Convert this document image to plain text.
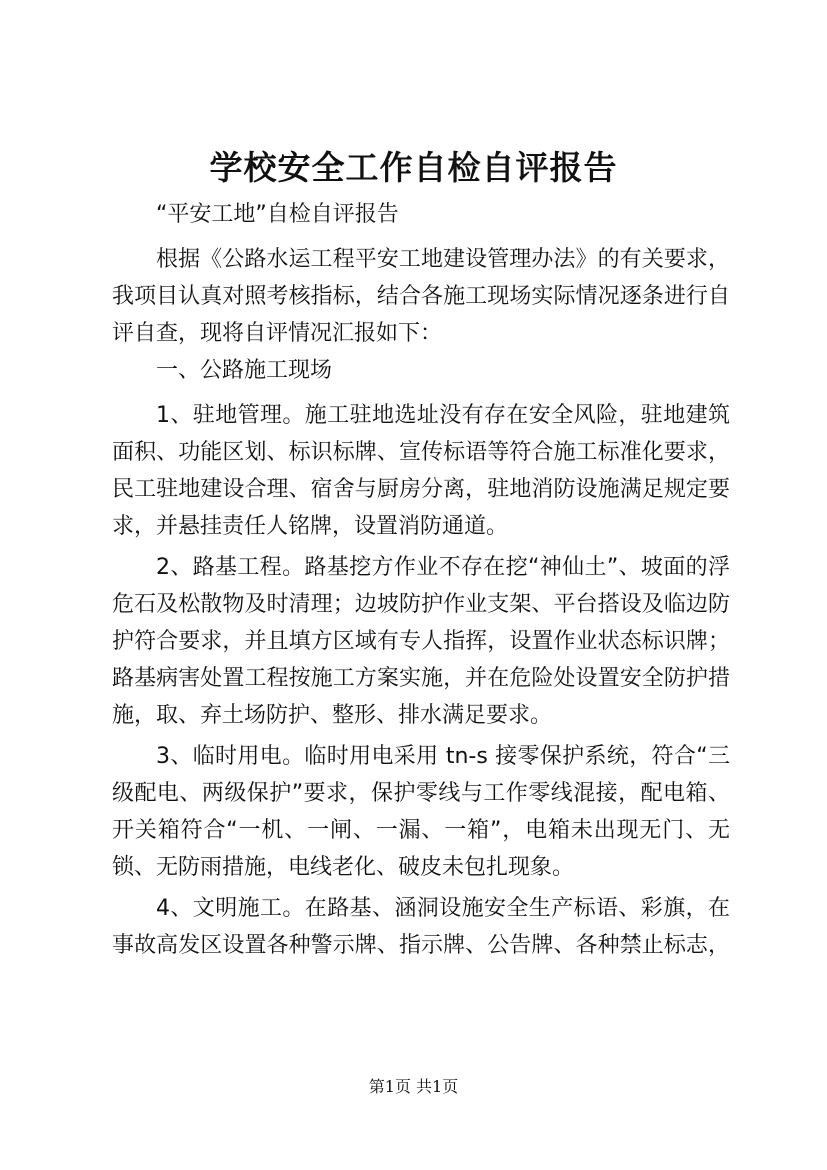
学校安全工作自检自评报告
“平安工地”自检自评报告
根据《公路水运工程平安工地建设管理办法》的有关要求，
我项目认真对照考核指标，结合各施工现场实际情况逐条进行自
评自查，现将自评情况汇报如下：
一、公路施工现场
1、驻地管理。施工驻地选址没有存在安全风险，驻地建筑
面积、功能区划、标识标牌、宣传标语等符合施工标准化要求，
民工驻地建设合理、宿舍与厨房分离，驻地消防设施满足规定要
求，并悬挂责任人铭牌，设置消防通道。
2、路基工程。路基挖方作业不存在挖“神仙土”、坡面的浮
危石及松散物及时清理；边坡防护作业支架、平台搭设及临边防
护符合要求，并且填方区域有专人指挥，设置作业状态标识牌；
路基病害处置工程按施工方案实施，并在危险处设置安全防护措
施，取、弃土场防护、整形、排水满足要求。
3、临时用电。临时用电采用 tn-s 接零保护系统，符合“三
级配电、两级保护”要求，保护零线与工作零线混接，配电箱、
开关箱符合“一机、一闸、一漏、一箱”，电箱未出现无门、无
锁、无防雨措施，电线老化、破皮未包扎现象。
4、文明施工。在路基、涵洞设施安全生产标语、彩旗，在
事故高发区设置各种警示牌、指示牌、公告牌、各种禁止标志，
第1页 共1页
